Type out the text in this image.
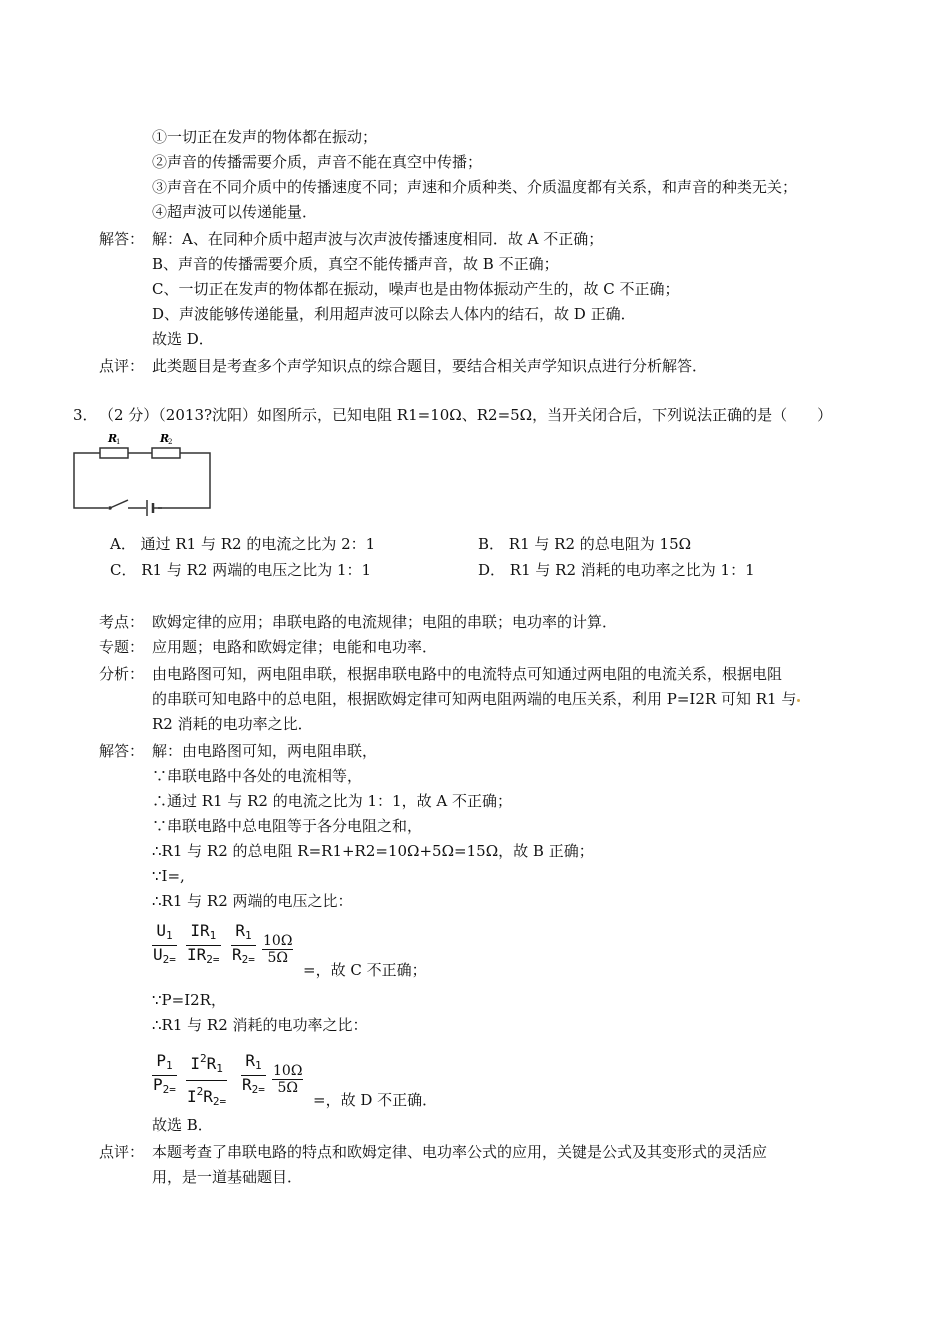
①一切正在发声的物体都在振动；
②声音的传播需要介质，声音不能在真空中传播；
③声音在不同介质中的传播速度不同；声速和介质种类、介质温度都有关系，和声音的种类无关；
④超声波可以传递能量．
解答： 解：A、在同种介质中超声波与次声波传播速度相同．故 A 不正确；
B、声音的传播需要介质，真空不能传播声音，故 B 不正确；
C、一切正在发声的物体都在振动，噪声也是由物体振动产生的，故 C 不正确；
D、声波能够传递能量，利用超声波可以除去人体内的结石，故 D 正确．
故选 D．
点评： 此类题目是考查多个声学知识点的综合题目，要结合相关声学知识点进行分析解答．
3． （2 分）（2013?沈阳）如图所示，已知电阻 R1=10Ω、R2=5Ω，当开关闭合后，下列说法正确的是（　　）
R
1	R
2
A． 通过 R1 与 R2 的电流之比为 2：1	B． R1 与 R2 的总电阻为 15Ω
C． R1 与 R2 两端的电压之比为 1：1	D． R1 与 R2 消耗的电功率之比为 1：1
考点： 欧姆定律的应用；串联电路的电流规律；电阻的串联；电功率的计算．
专题： 应用题；电路和欧姆定律；电能和电功率．
分析： 由电路图可知，两电阻串联，根据串联电路中的电流特点可知通过两电阻的电流关系，根据电阻
的串联可知电路中的总电阻，根据欧姆定律可知两电阻两端的电压关系，利用 P=I2R 可知 R1 与
R2 消耗的电功率之比．
解答： 解：由电路图可知，两电阻串联，
∵串联电路中各处的电流相等，
∴通过 R1 与 R2 的电流之比为 1：1，故 A 不正确；
∵串联电路中总电阻等于各分电阻之和，
∴R1 与 R2 的总电阻 R=R1+R2=10Ω+5Ω=15Ω，故 B 正确；
∵I=,
∴R1 与 R2 两端的电压之比：
$U_1$
$U_2=$
$IR_1$
$IR_2=$
$R_1$
$R_2=$
10Ω
5Ω
=，故 C 不正确；
∵P=I2R，
∴R1 与 R2 消耗的电功率之比：
$P_1$
$P_2=$
$I^2R_1$
$I^2R_2=$
$R_1$
$R_2=$
10Ω
5Ω
=，故 D 不正确．
故选 B．
点评： 本题考查了串联电路的特点和欧姆定律、电功率公式的应用，关键是公式及其变形式的灵活应
用，是一道基础题目．
